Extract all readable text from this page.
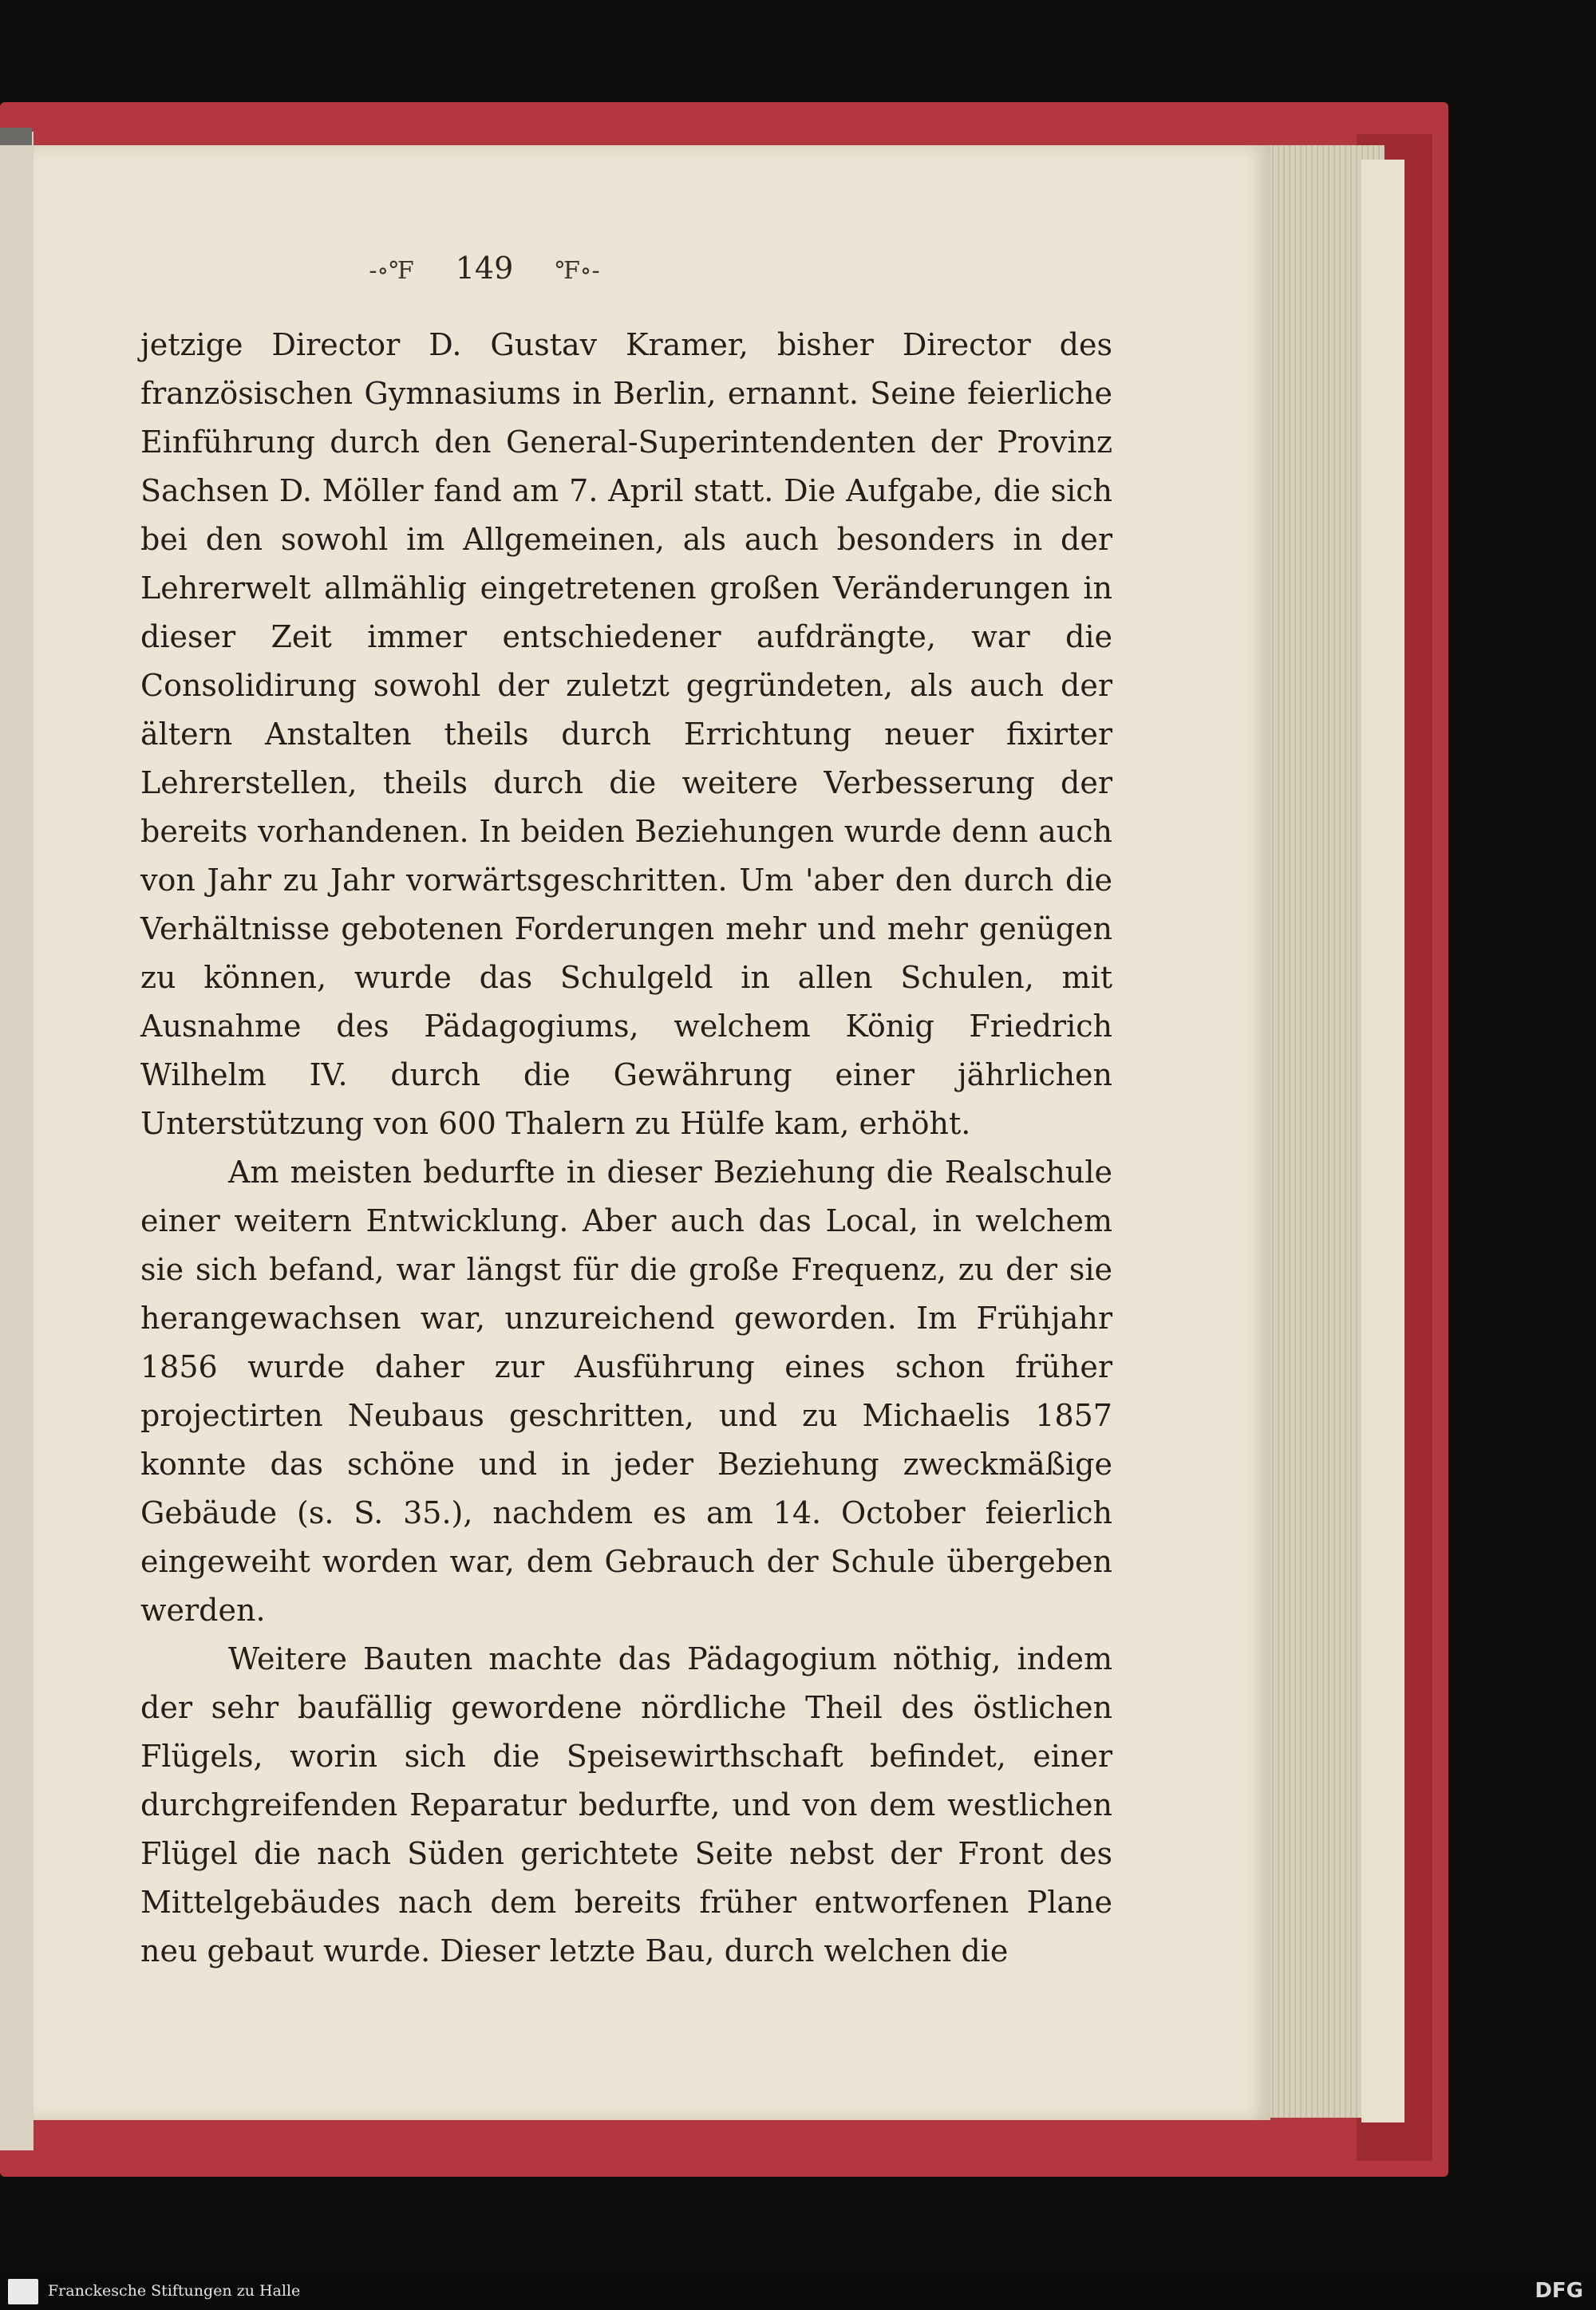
-∘℉ 149 ℉∘-

jetzige Director D. Gustav Kramer, bisher Director des französischen Gymnasiums in Berlin, ernannt. Seine feierliche Einführung durch den General-Superintendenten der Provinz Sachsen D. Möller fand am 7. April statt. Die Aufgabe, die sich bei den sowohl im Allgemeinen, als auch besonders in der Lehrerwelt allmählig eingetretenen großen Veränderungen in dieser Zeit immer entschiedener aufdrängte, war die Consolidirung sowohl der zuletzt gegründeten, als auch der ältern Anstalten theils durch Errichtung neuer fixirter Lehrerstellen, theils durch die weitere Verbesserung der bereits vorhandenen. In beiden Beziehungen wurde denn auch von Jahr zu Jahr vorwärtsgeschritten. Um 'aber den durch die Verhältnisse gebotenen Forderungen mehr und mehr genügen zu können, wurde das Schulgeld in allen Schulen, mit Ausnahme des Pädagogiums, welchem König Friedrich Wilhelm IV. durch die Gewährung einer jährlichen Unterstützung von 600 Thalern zu Hülfe kam, erhöht.

Am meisten bedurfte in dieser Beziehung die Realschule einer weitern Entwicklung. Aber auch das Local, in welchem sie sich befand, war längst für die große Frequenz, zu der sie herangewachsen war, unzureichend geworden. Im Frühjahr 1856 wurde daher zur Ausführung eines schon früher projectirten Neubaus geschritten, und zu Michaelis 1857 konnte das schöne und in jeder Beziehung zweckmäßige Gebäude (s. S. 35.), nachdem es am 14. October feierlich eingeweiht worden war, dem Gebrauch der Schule übergeben werden.

Weitere Bauten machte das Pädagogium nöthig, indem der sehr baufällig gewordene nördliche Theil des östlichen Flügels, worin sich die Speisewirthschaft befindet, einer durchgreifenden Reparatur bedurfte, und von dem westlichen Flügel die nach Süden gerichtete Seite nebst der Front des Mittelgebäudes nach dem bereits früher entworfenen Plane neu gebaut wurde. Dieser letzte Bau, durch welchen die

Franckesche Stiftungen zu Halle	DFG
